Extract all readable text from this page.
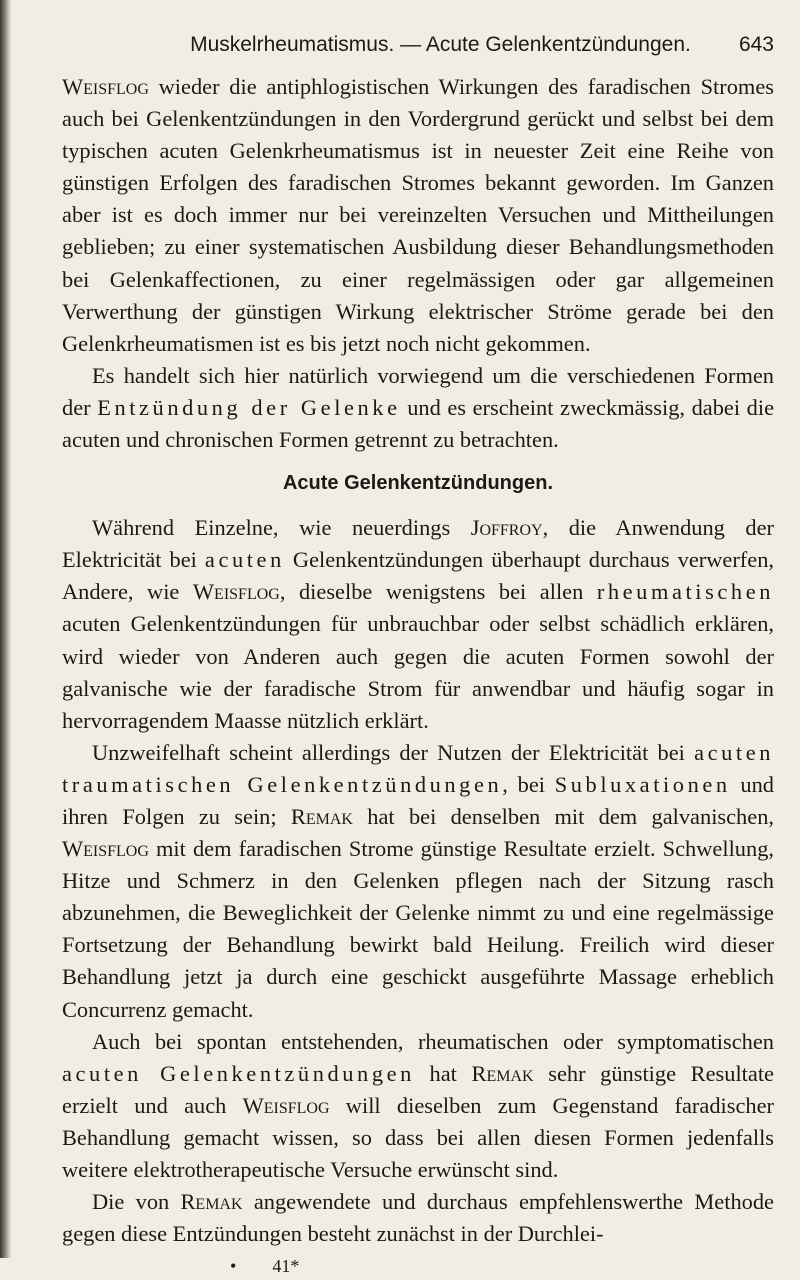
Muskelrheumatismus. — Acute Gelenkentzündungen.	643

Weisflog wieder die antiphlogistischen Wirkungen des faradischen Stromes auch bei Gelenkentzündungen in den Vordergrund gerückt und selbst bei dem typischen acuten Gelenkrheumatismus ist in neuester Zeit eine Reihe von günstigen Erfolgen des faradischen Stromes bekannt geworden. Im Ganzen aber ist es doch immer nur bei vereinzelten Versuchen und Mittheilungen geblieben; zu einer systematischen Ausbildung dieser Behandlungsmethoden bei Gelenkaffectionen, zu einer regelmässigen oder gar allgemeinen Verwerthung der günstigen Wirkung elektrischer Ströme gerade bei den Gelenkrheumatismen ist es bis jetzt noch nicht gekommen.

Es handelt sich hier natürlich vorwiegend um die verschiedenen Formen der Entzündung der Gelenke und es erscheint zweckmässig, dabei die acuten und chronischen Formen getrennt zu betrachten.

Acute Gelenkentzündungen.

Während Einzelne, wie neuerdings Joffroy, die Anwendung der Elektricität bei acuten Gelenkentzündungen überhaupt durchaus verwerfen, Andere, wie Weisflog, dieselbe wenigstens bei allen rheumatischen acuten Gelenkentzündungen für unbrauchbar oder selbst schädlich erklären, wird wieder von Anderen auch gegen die acuten Formen sowohl der galvanische wie der faradische Strom für anwendbar und häufig sogar in hervorragendem Maasse nützlich erklärt.

Unzweifelhaft scheint allerdings der Nutzen der Elektricität bei acuten traumatischen Gelenkentzündungen, bei Subluxationen und ihren Folgen zu sein; Remak hat bei denselben mit dem galvanischen, Weisflog mit dem faradischen Strome günstige Resultate erzielt. Schwellung, Hitze und Schmerz in den Gelenken pflegen nach der Sitzung rasch abzunehmen, die Beweglichkeit der Gelenke nimmt zu und eine regelmässige Fortsetzung der Behandlung bewirkt bald Heilung. Freilich wird dieser Behandlung jetzt ja durch eine geschickt ausgeführte Massage erheblich Concurrenz gemacht.

Auch bei spontan entstehenden, rheumatischen oder symptomatischen acuten Gelenkentzündungen hat Remak sehr günstige Resultate erzielt und auch Weisflog will dieselben zum Gegenstand faradischer Behandlung gemacht wissen, so dass bei allen diesen Formen jedenfalls weitere elektrotherapeutische Versuche erwünscht sind.

Die von Remak angewendete und durchaus empfehlenswerthe Methode gegen diese Entzündungen besteht zunächst in der Durchlei-

• 41*
